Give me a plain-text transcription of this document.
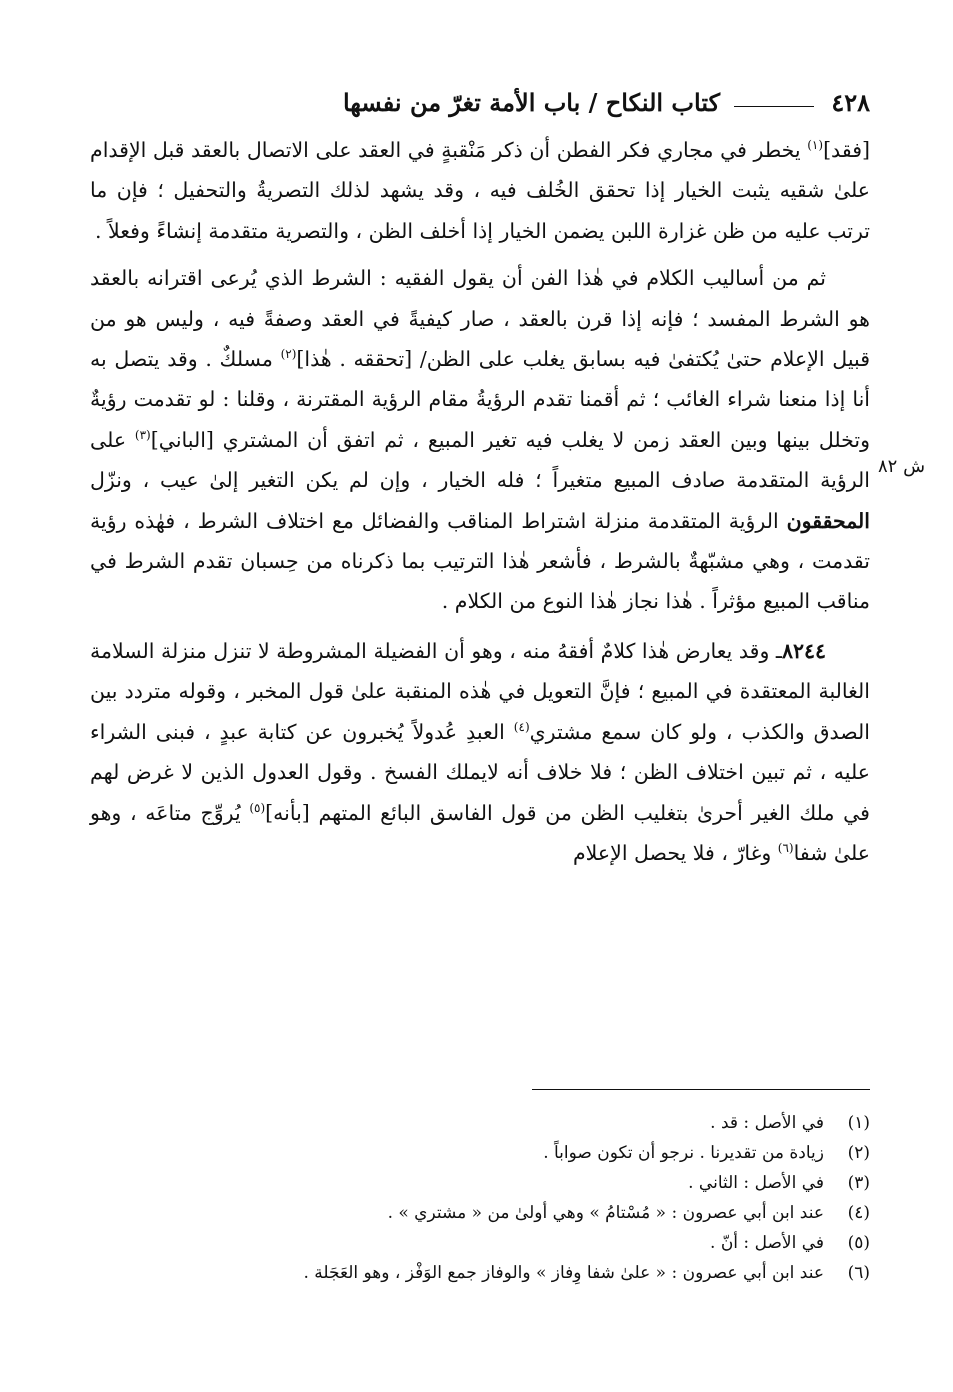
٤٢٨
كتاب النكاح / باب الأمة تغرّ من نفسها
ش ٨٢

[فقد]$^{(١)}$ يخطر في مجاري فكر الفطن أن ذكر مَنْقبةٍ في العقد على الاتصال بالعقد قبل الإقدام علىٰ شقيه يثبت الخيار إذا تحقق الخُلف فيه ، وقد يشهد لذلك التصريةُ والتحفيل ؛ فإن ما ترتب عليه من ظن غزارة اللبن يضمن الخيار إذا أخلف الظن ، والتصرية متقدمة إنشاءً وفعلاً .

ثم من أساليب الكلام في هٰذا الفن أن يقول الفقيه : الشرط الذي يُرعى اقترانه بالعقد هو الشرط المفسد ؛ فإنه إذا قرن بالعقد ، صار كيفيةً في العقد وصفةً فيه ، وليس هو من قبيل الإعلام حتىٰ يُكتفىٰ فيه بسابق يغلب على الظن/ [تحققه . هٰذا]$^{(٢)}$ مسلكٌ . وقد يتصل به أنا إذا منعنا شراء الغائب ؛ ثم أقمنا تقدم الرؤيةُ مقام الرؤية المقترنة ، وقلنا : لو تقدمت رؤيةٌ وتخلل بينها وبين العقد زمن لا يغلب فيه تغير المبيع ، ثم اتفق أن المشتري [الباني]$^{(٣)}$ على الرؤية المتقدمة صادف المبيع متغيراً ؛ فله الخيار ، وإن لم يكن التغير إلىٰ عيب ، ونزّل المحققون الرؤية المتقدمة منزلة اشتراط المناقب والفضائل مع اختلاف الشرط ، فهٰذه رؤية تقدمت ، وهي مشبّهةٌ بالشرط ، فأشعر هٰذا الترتيب بما ذكرناه من حِسبان تقدم الشرط في مناقب المبيع مؤثراً . هٰذا نجاز هٰذا النوع من الكلام .

٨٢٤٤ـ وقد يعارض هٰذا كلامٌ أفقهُ منه ، وهو أن الفضيلة المشروطة لا تنزل منزلة السلامة الغالبة المعتقدة في المبيع ؛ فإنَّ التعويل في هٰذه المنقبة علىٰ قول المخبر ، وقوله متردد بين الصدق والكذب ، ولو كان سمع مشتري$^{(٤)}$ العبدِ عُدولاً يُخبرون عن كتابة عبدٍ ، فبنى الشراء عليه ، ثم تبين اختلاف الظن ؛ فلا خلاف أنه لايملك الفسخ . وقول العدول الذين لا غرض لهم في ملك الغير أحرىٰ بتغليب الظن من قول الفاسق البائع المتهم [بأنه]$^{(٥)}$ يُروِّج متاعَه ، وهو علىٰ شفا$^{(٦)}$ وغارّ ، فلا يحصل الإعلام

(١)
في الأصل : قد .
(٢)
زيادة من تقديرنا . نرجو أن تكون صواباً .
(٣)
في الأصل : الثاني .
(٤)
عند ابن أبي عصرون : « مُسْتامُ » وهي أولىٰ من « مشتري » .
(٥)
في الأصل : أنّ .
(٦)
عند ابن أبي عصرون : « علىٰ شفا وِفاز » والوفاز جمع الوَفْز ، وهو العَجَلة .
